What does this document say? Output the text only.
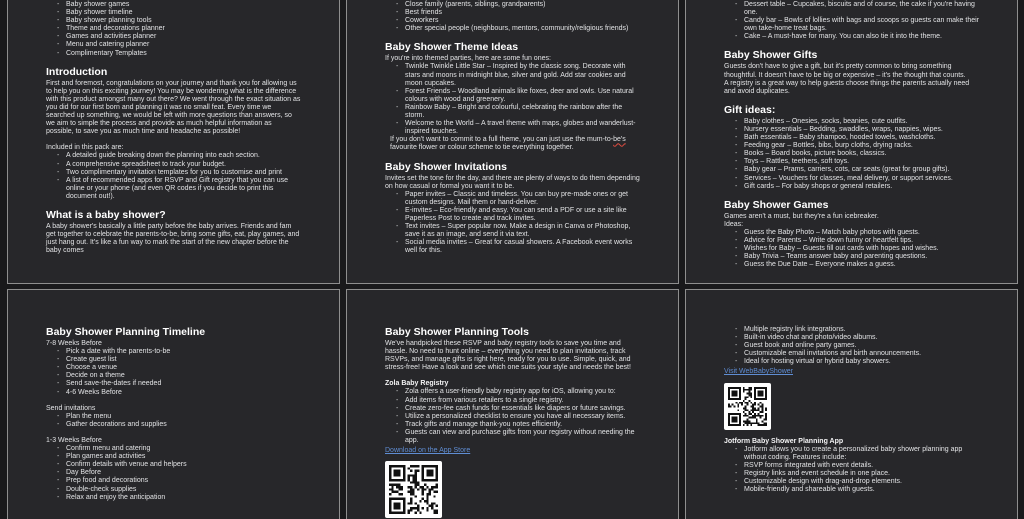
- Baby shower games
- Baby shower timeline
- Baby shower planning tools
- Theme and decorations planner
- Games and activities planner
- Menu and catering planner
- Complimentary Templates
Introduction
First and foremost, congratulations on your journey and thank you for allowing us to help you on this exciting journey! You may be wondering what is the difference with this product amongst many out there? We went through the exact situation as you did for our first born and planning it was no small feat. Every time we searched up something, we would be left with more questions than answers, so we aim to simple the process and provide as much helpful information as possible, to save you as much time and headache as possible!
Included in this pack are:
- A detailed guide breaking down the planning into each section.
- A comprehensive spreadsheet to track your budget.
- Two complimentary invitation templates for you to customise and print
- A list of recommended apps for RSVP and Gift registry that you can use online or your phone (and even QR codes if you decide to print this document out!).
What is a baby shower?
A baby shower's basically a little party before the baby arrives. Friends and fam get together to celebrate the parents-to-be, bring some gifts, eat, play games, and just hang out. It's like a fun way to mark the start of the new chapter before the baby comes
- Close family (parents, siblings, grandparents)
- Best friends
- Coworkers
- Other special people (neighbours, mentors, community/religious friends)
Baby Shower Theme Ideas
If you're into themed parties, here are some fun ones:
- Twinkle Twinkle Little Star – Inspired by the classic song. Decorate with stars and moons in midnight blue, silver and gold. Add star cookies and moon cupcakes.
- Forest Friends – Woodland animals like foxes, deer and owls. Use natural colours with wood and greenery.
- Rainbow Baby – Bright and colourful, celebrating the rainbow after the storm.
- Welcome to the World – A travel theme with maps, globes and wanderlust-inspired touches.
If you don't want to commit to a full theme, you can just use the mum-to-be's favourite flower or colour scheme to tie everything together.
Baby Shower Invitations
Invites set the tone for the day, and there are plenty of ways to do them depending on how casual or formal you want it to be.
- Paper invites – Classic and timeless. You can buy pre-made ones or get custom designs. Mail them or hand-deliver.
- E-invites – Eco-friendly and easy. You can send a PDF or use a site like Paperless Post to create and track invites.
- Text invites – Super popular now. Make a design in Canva or Photoshop, save it as an image, and send it via text.
- Social media invites – Great for casual showers. A Facebook event works well for this.
- Dessert table – Cupcakes, biscuits and of course, the cake if you're having one.
- Candy bar – Bowls of lollies with bags and scoops so guests can make their own take-home treat bags.
- Cake – A must-have for many. You can also tie it into the theme.
Baby Shower Gifts
Guests don't have to give a gift, but it's pretty common to bring something thoughtful. It doesn't have to be big or expensive – it's the thought that counts.
A registry is a great way to help guests choose things the parents actually need and avoid duplicates.
Gift ideas:
- Baby clothes – Onesies, socks, beanies, cute outfits.
- Nursery essentials – Bedding, swaddles, wraps, nappies, wipes.
- Bath essentials – Baby shampoo, hooded towels, washcloths.
- Feeding gear – Bottles, bibs, burp cloths, drying racks.
- Books – Board books, picture books, classics.
- Toys – Rattles, teethers, soft toys.
- Baby gear – Prams, carriers, cots, car seats (great for group gifts).
- Services – Vouchers for classes, meal delivery, or support services.
- Gift cards – For baby shops or general retailers.
Baby Shower Games
Games aren't a must, but they're a fun icebreaker.
Ideas:
- Guess the Baby Photo – Match baby photos with guests.
- Advice for Parents – Write down funny or heartfelt tips.
- Wishes for Baby – Guests fill out cards with hopes and wishes.
- Baby Trivia – Teams answer baby and parenting questions.
- Guess the Due Date – Everyone makes a guess.
Baby Shower Planning Timeline
7-8 Weeks Before
- Pick a date with the parents-to-be
- Create guest list
- Choose a venue
- Decide on a theme
- Send save-the-dates if needed
- 4-6 Weeks Before
Send invitations
- Plan the menu
- Gather decorations and supplies
1-3 Weeks Before
- Confirm menu and catering
- Plan games and activities
- Confirm details with venue and helpers
- Day Before
- Prep food and decorations
- Double-check supplies
- Relax and enjoy the anticipation
Baby Shower Planning Tools
We've handpicked these RSVP and baby registry tools to save you time and hassle. No need to hunt online – everything you need to plan invitations, track RSVPs, and manage gifts is right here, ready for you to use. Simple, quick, and stress-free! Have a look and see which one suits your style and needs the best!
Zola Baby Registry
- Zola offers a user-friendly baby registry app for iOS, allowing you to:
- Add items from various retailers to a single registry.
- Create zero-fee cash funds for essentials like diapers or future savings.
- Utilize a personalized checklist to ensure you have all necessary items.
- Track gifts and manage thank-you notes efficiently.
- Guests can view and purchase gifts from your registry without needing the app.
Download on the App Store
- Multiple registry link integrations.
- Built-in video chat and photo/video albums.
- Guest book and online party games.
- Customizable email invitations and birth announcements.
- Ideal for hosting virtual or hybrid baby showers.
Visit WebBabyShower
Jotform Baby Shower Planning App
- Jotform allows you to create a personalized baby shower planning app without coding. Features include:
- RSVP forms integrated with event details.
- Registry links and event schedule in one place.
- Customizable design with drag-and-drop elements.
- Mobile-friendly and shareable with guests.
